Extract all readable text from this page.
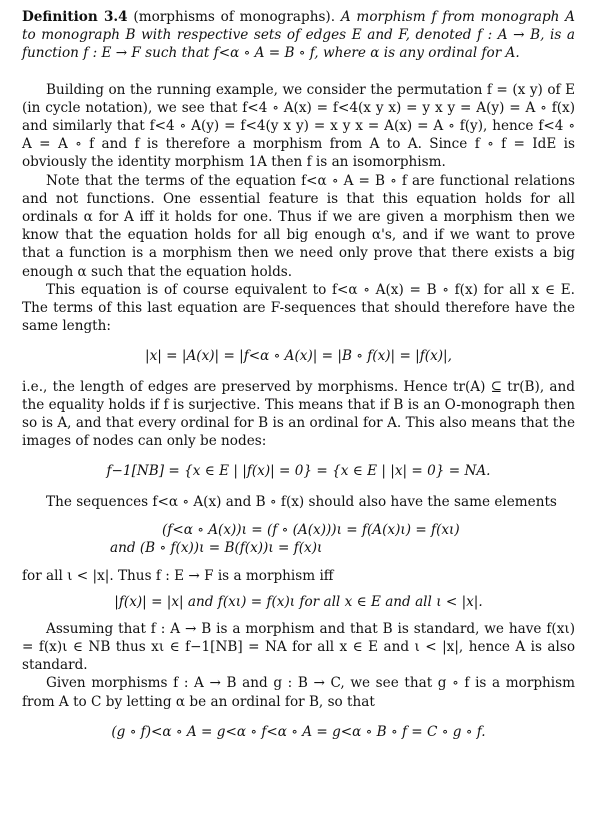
Definition 3.4 (morphisms of monographs). A morphism f from monograph A to monograph B with respective sets of edges E and F, denoted f : A → B, is a function f : E → F such that f<α ∘ A = B ∘ f, where α is any ordinal for A.

Building on the running example, we consider the permutation f = (x y) of E (in cycle notation), we see that f<4 ∘ A(x) = f<4(x y x) = y x y = A(y) = A ∘ f(x) and similarly that f<4 ∘ A(y) = f<4(y x y) = x y x = A(x) = A ∘ f(y), hence f<4 ∘ A = A ∘ f and f is therefore a morphism from A to A. Since f ∘ f = IdE is obviously the identity morphism 1A then f is an isomorphism.

Note that the terms of the equation f<α ∘ A = B ∘ f are functional relations and not functions. One essential feature is that this equation holds for all ordinals α for A iff it holds for one. Thus if we are given a morphism then we know that the equation holds for all big enough α's, and if we want to prove that a function is a morphism then we need only prove that there exists a big enough α such that the equation holds.

This equation is of course equivalent to f<α ∘ A(x) = B ∘ f(x) for all x ∈ E. The terms of this last equation are F-sequences that should therefore have the same length:

|x| = |A(x)| = |f<α ∘ A(x)| = |B ∘ f(x)| = |f(x)|,

i.e., the length of edges are preserved by morphisms. Hence tr(A) ⊆ tr(B), and the equality holds if f is surjective. This means that if B is an O-monograph then so is A, and that every ordinal for B is an ordinal for A. This also means that the images of nodes can only be nodes:

f−1[NB] = {x ∈ E | |f(x)| = 0} = {x ∈ E | |x| = 0} = NA.

The sequences f<α ∘ A(x) and B ∘ f(x) should also have the same elements

(f<α ∘ A(x))ι = (f ∘ (A(x)))ι = f(A(x)ι) = f(xι)
and (B ∘ f(x))ι = B(f(x))ι = f(x)ι

for all ι < |x|. Thus f : E → F is a morphism iff

|f(x)| = |x| and f(xι) = f(x)ι for all x ∈ E and all ι < |x|.

Assuming that f : A → B is a morphism and that B is standard, we have f(xι) = f(x)ι ∈ NB thus xι ∈ f−1[NB] = NA for all x ∈ E and ι < |x|, hence A is also standard.

Given morphisms f : A → B and g : B → C, we see that g ∘ f is a morphism from A to C by letting α be an ordinal for B, so that

(g ∘ f)<α ∘ A = g<α ∘ f<α ∘ A = g<α ∘ B ∘ f = C ∘ g ∘ f.
